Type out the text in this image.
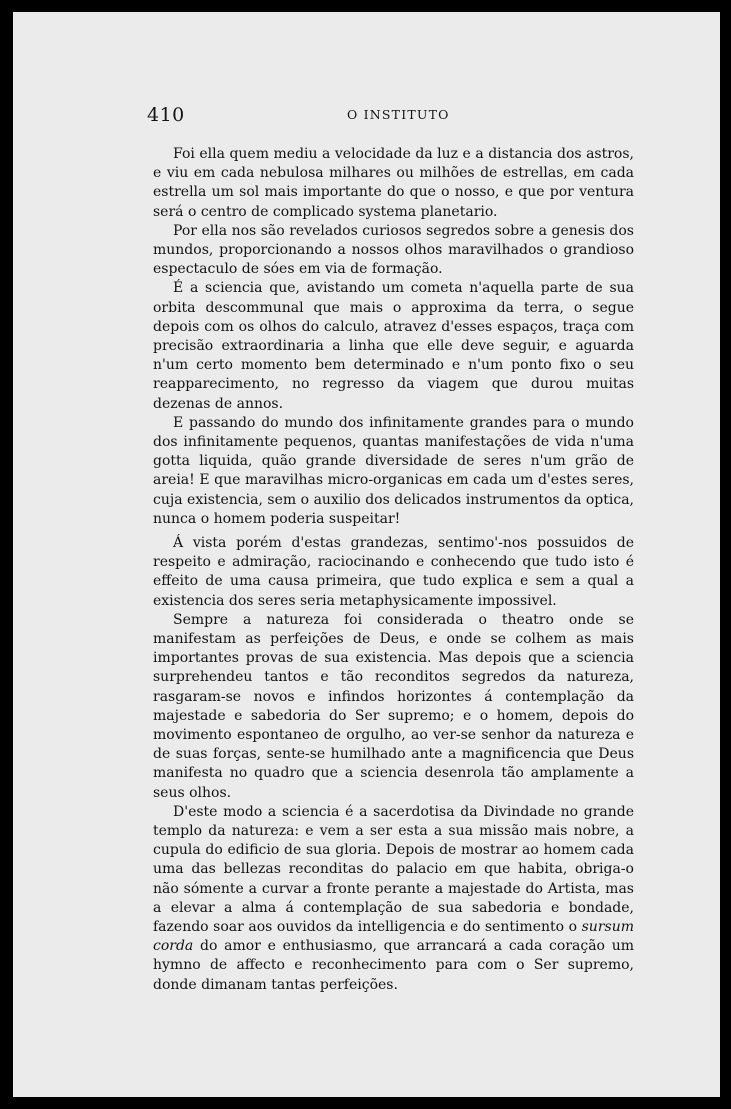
410	O INSTITUTO

Foi ella quem mediu a velocidade da luz e a distancia dos astros, e viu em cada nebulosa milhares ou milhões de estrellas, em cada estrella um sol mais importante do que o nosso, e que por ventura será o centro de complicado systema planetario.

Por ella nos são revelados curiosos segredos sobre a genesis dos mundos, proporcionando a nossos olhos maravilhados o grandioso espectaculo de sóes em via de formação.

É a sciencia que, avistando um cometa n'aquella parte de sua orbita descommunal que mais o approxima da terra, o segue depois com os olhos do calculo, atravez d'esses espaços, traça com precisão extraordinaria a linha que elle deve seguir, e aguarda n'um certo momento bem determinado e n'um ponto fixo o seu reapparecimento, no regresso da viagem que durou muitas dezenas de annos.

E passando do mundo dos infinitamente grandes para o mundo dos infinitamente pequenos, quantas manifestações de vida n'uma gotta liquida, quão grande diversidade de seres n'um grão de areia! E que maravilhas micro-organicas em cada um d'estes seres, cuja existencia, sem o auxilio dos delicados instrumentos da optica, nunca o homem poderia suspeitar!

Á vista porém d'estas grandezas, sentimo'-nos possuidos de respeito e admiração, raciocinando e conhecendo que tudo isto é effeito de uma causa primeira, que tudo explica e sem a qual a existencia dos seres seria metaphysicamente impossivel.

Sempre a natureza foi considerada o theatro onde se manifestam as perfeições de Deus, e onde se colhem as mais importantes provas de sua existencia. Mas depois que a sciencia surprehendeu tantos e tão reconditos segredos da natureza, rasgaram-se novos e infindos horizontes á contemplação da majestade e sabedoria do Ser supremo; e o homem, depois do movimento espontaneo de orgulho, ao ver-se senhor da natureza e de suas forças, sente-se humilhado ante a magnificencia que Deus manifesta no quadro que a sciencia desenrola tão amplamente a seus olhos.

D'este modo a sciencia é a sacerdotisa da Divindade no grande templo da natureza: e vem a ser esta a sua missão mais nobre, a cupula do edificio de sua gloria. Depois de mostrar ao homem cada uma das bellezas reconditas do palacio em que habita, obriga-o não sómente a curvar a fronte perante a majestade do Artista, mas a elevar a alma á contemplação de sua sabedoria e bondade, fazendo soar aos ouvidos da intelligencia e do sentimento o sursum corda do amor e enthusiasmo, que arrancará a cada coração um hymno de affecto e reconhecimento para com o Ser supremo, donde dimanam tantas perfeições.
